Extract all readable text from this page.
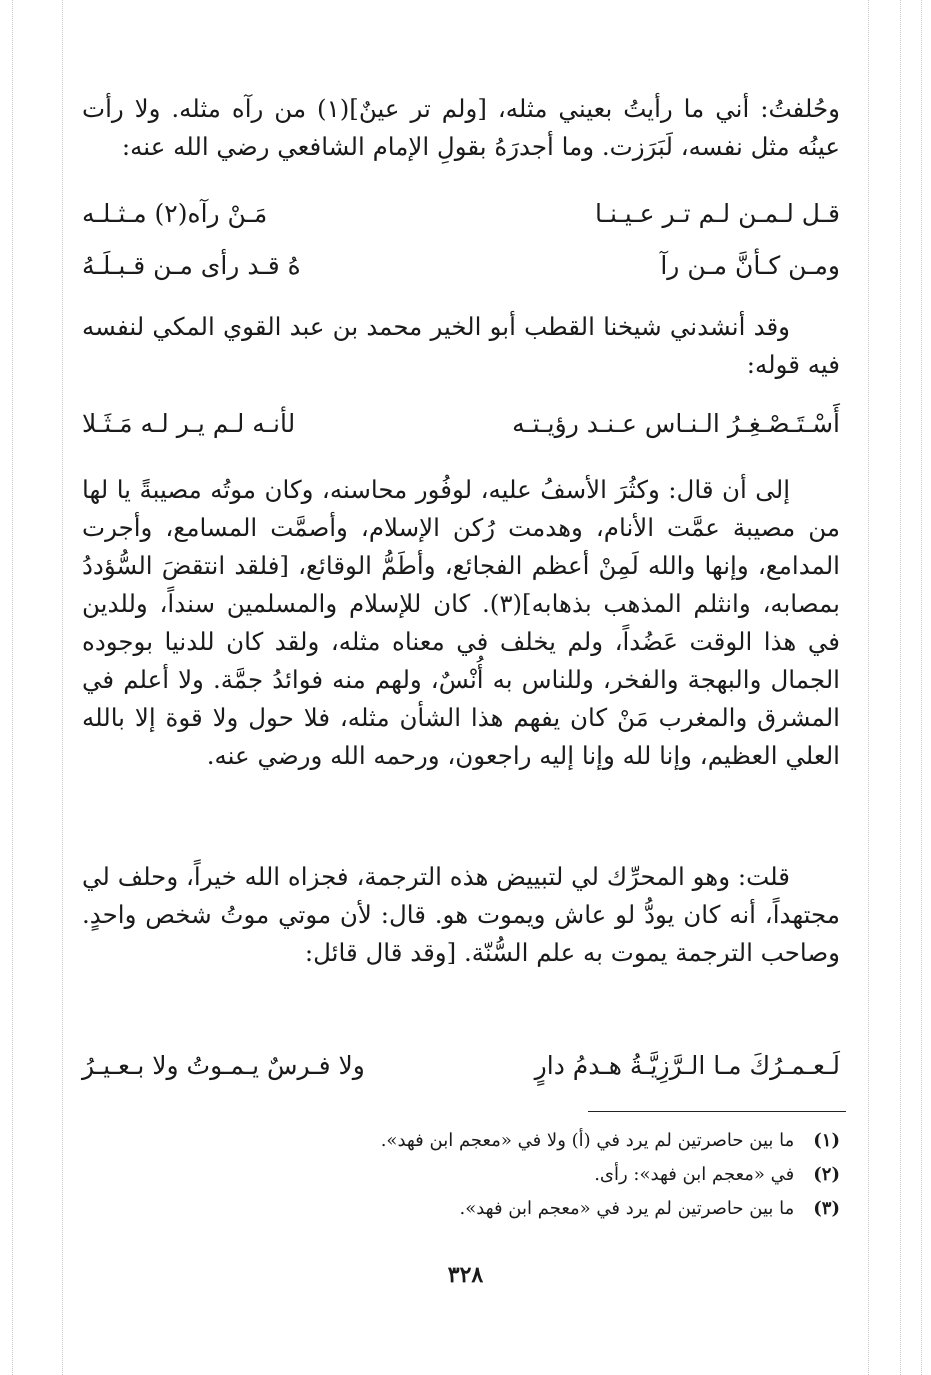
وحُلفتُ: أني ما رأيتُ بعيني مثله، [ولم تر عينٌ](١) من رآه مثله. ولا رأت عينُه مثل نفسه، لَبَرَزت. وما أجدرَهُ بقولِ الإمام الشافعي رضي الله عنه:
قـل لـمـن لـم تـر عـيـنـا
مَـنْ رآه(٢) مـثـلـه
ومـن كـأنَّ مـن رآ
هُ قـد رأى مـن قـبـلَـهُ
وقد أنشدني شيخنا القطب أبو الخير محمد بن عبد القوي المكي لنفسه فيه قوله:
أَسْـتَـصْـغِـرُ الـنـاس عـنـد رؤيـتـه
لأنـه لـم يـر لـه مَـثَـلا
إلى أن قال: وكثُرَ الأسفُ عليه، لوفُور محاسنه، وكان موتُه مصيبةً يا لها من مصيبة عمَّت الأنام، وهدمت رُكن الإسلام، وأصمَّت المسامع، وأجرت المدامع، وإنها والله لَمِنْ أعظم الفجائع، وأطَمُّ الوقائع، [فلقد انتقضَ السُّؤددُ بمصابه، وانثلم المذهب بذهابه](٣). كان للإسلام والمسلمين سنداً، وللدين في هذا الوقت عَضُداً، ولم يخلف في معناه مثله، ولقد كان للدنيا بوجوده الجمال والبهجة والفخر، وللناس به أُنْسٌ، ولهم منه فوائدُ جمَّة. ولا أعلم في المشرق والمغرب مَنْ كان يفهم هذا الشأن مثله، فلا حول ولا قوة إلا بالله العلي العظيم، وإنا لله وإنا إليه راجعون، ورحمه الله ورضي عنه.
قلت: وهو المحرِّك لي لتبييض هذه الترجمة، فجزاه الله خيراً، وحلف لي مجتهداً، أنه كان يودُّ لو عاش ويموت هو. قال: لأن موتي موتُ شخص واحدٍ. وصاحب الترجمة يموت به علم السُّنّة. [وقد قال قائل:
لَـعـمـرُكَ مـا الـرَّزِيَّـةُ هـدمُ دارٍ
ولا فـرسٌ يـمـوتُ ولا بـعـيـرُ
(١) ما بين حاصرتين لم يرد في (أ) ولا في «معجم ابن فهد».
(٢) في «معجم ابن فهد»: رأى.
(٣) ما بين حاصرتين لم يرد في «معجم ابن فهد».
٣٢٨
